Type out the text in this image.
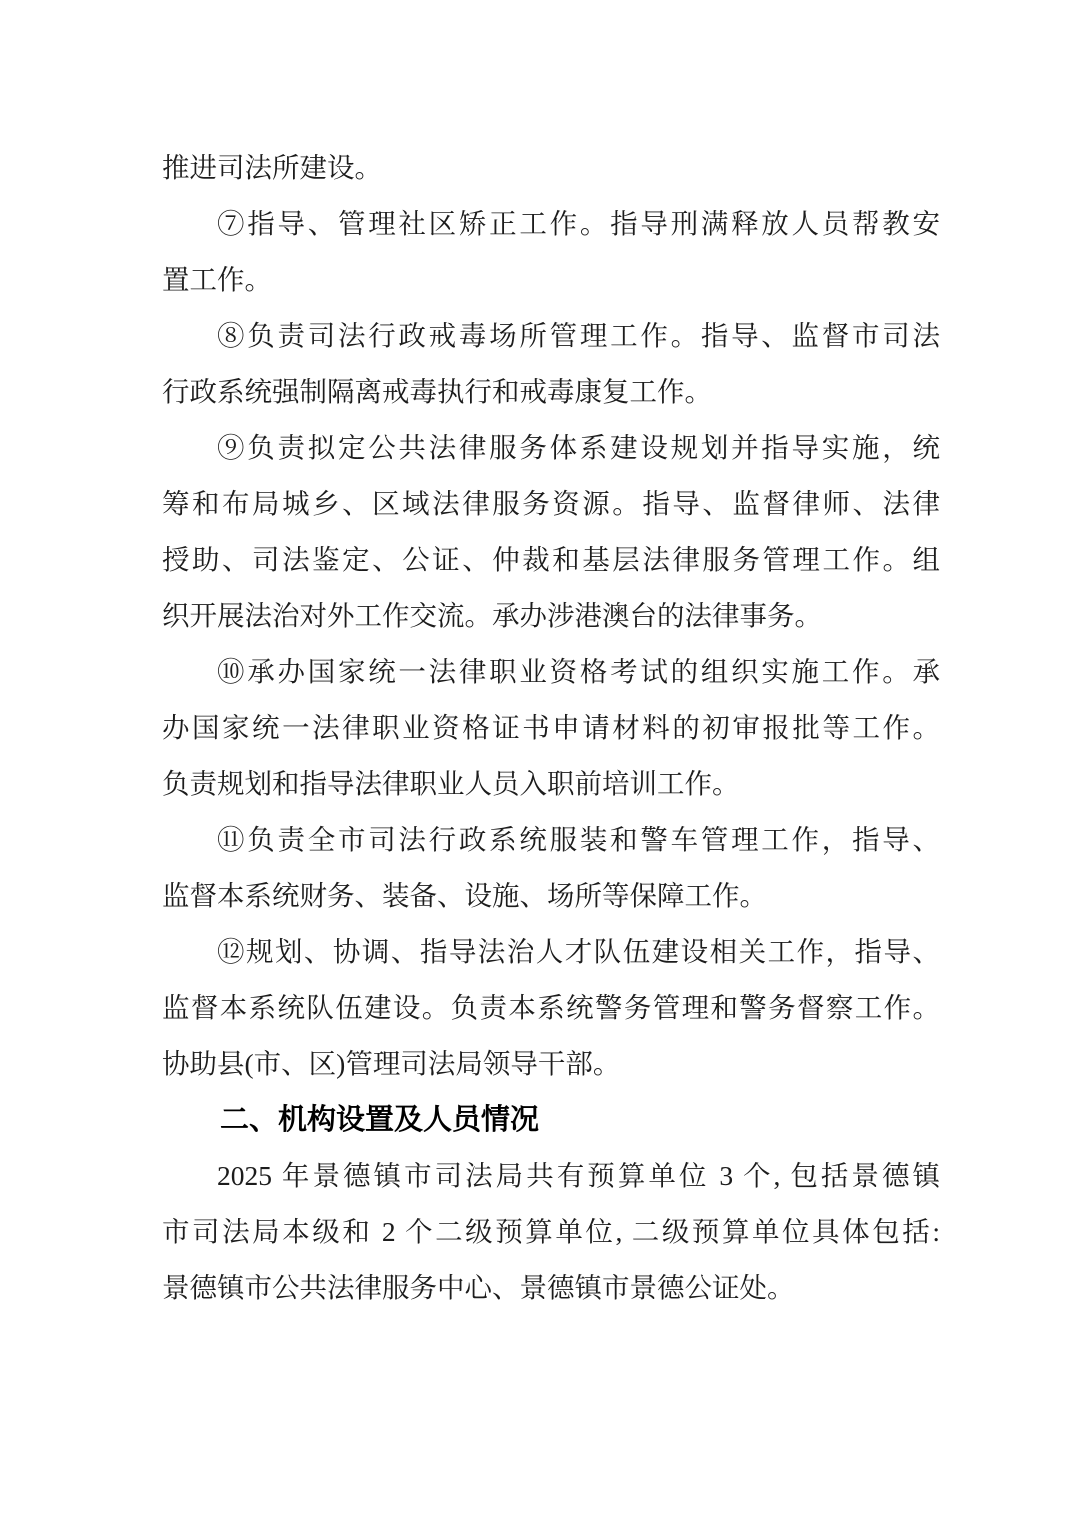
推进司法所建设。
⑦指导、管理社区矫正工作。指导刑满释放人员帮教安
置工作。
⑧负责司法行政戒毒场所管理工作。指导、监督市司法
行政系统强制隔离戒毒执行和戒毒康复工作。
⑨负责拟定公共法律服务体系建设规划并指导实施，统
筹和布局城乡、区域法律服务资源。指导、监督律师、法律
授助、司法鉴定、公证、仲裁和基层法律服务管理工作。组
织开展法治对外工作交流。承办涉港澳台的法律事务。
⑩承办国家统一法律职业资格考试的组织实施工作。承
办国家统一法律职业资格证书申请材料的初审报批等工作。
负责规划和指导法律职业人员入职前培训工作。
⑪负责全市司法行政系统服装和警车管理工作，指导、
监督本系统财务、装备、设施、场所等保障工作。
⑫规划、协调、指导法治人才队伍建设相关工作，指导、
监督本系统队伍建设。负责本系统警务管理和警务督察工作。
协助县(市、区)管理司法局领导干部。
二、机构设置及人员情况
2025 年景德镇市司法局共有预算单位 3 个, 包括景德镇
市司法局本级和 2 个二级预算单位, 二级预算单位具体包括:
景德镇市公共法律服务中心、景德镇市景德公证处。
